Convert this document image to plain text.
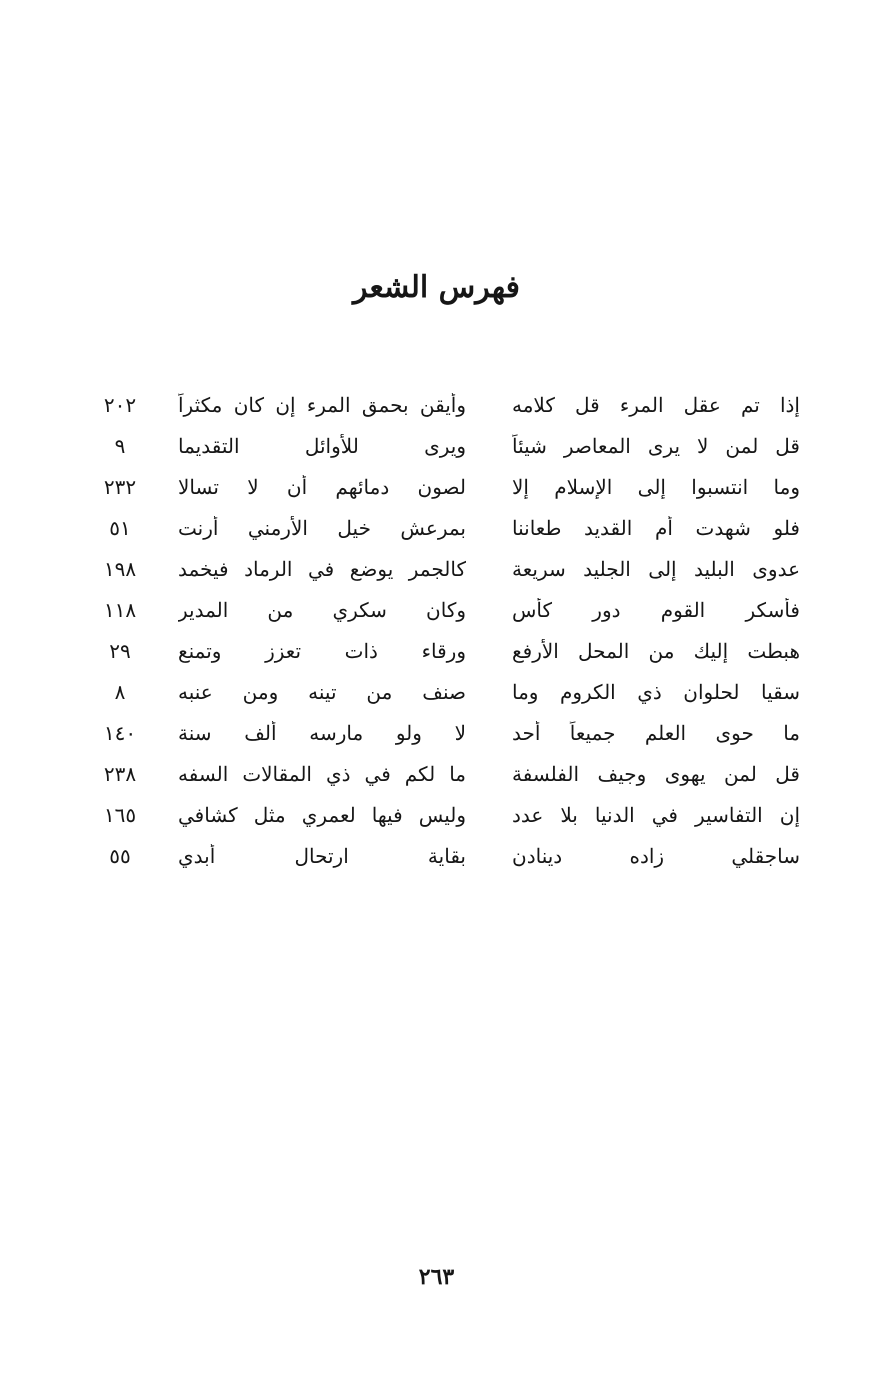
فهرس الشعر
إذا تم عقل المرء قل كلامه
وأيقن بحمق المرء إن كان مكثراً
٢٠٢
قل لمن لا يرى المعاصر شيئاً
ويرى للأوائل التقديما
٩
وما انتسبوا إلى الإسلام إلا
لصون دمائهم أن لا تسالا
٢٣٢
فلو شهدت أم القديد طعاننا
بمرعش خيل الأرمني أرنت
٥١
عدوى البليد إلى الجليد سريعة
كالجمر يوضع في الرماد فيخمد
١٩٨
فأسكر القوم دور كأس
وكان سكري من المدير
١١٨
هبطت إليك من المحل الأرفع
ورقاء ذات تعزز وتمنع
٢٩
سقيا لحلوان ذي الكروم وما
صنف من تينه ومن عنبه
٨
ما حوى العلم جميعاً أحد
لا ولو مارسه ألف سنة
١٤٠
قل لمن يهوى وجيف الفلسفة
ما لكم في ذي المقالات السفه
٢٣٨
إن التفاسير في الدنيا بلا عدد
وليس فيها لعمري مثل كشافي
١٦٥
ساجقلي زاده دينادن
بقاية ارتحال أبدي
٥٥
٢٦٣
